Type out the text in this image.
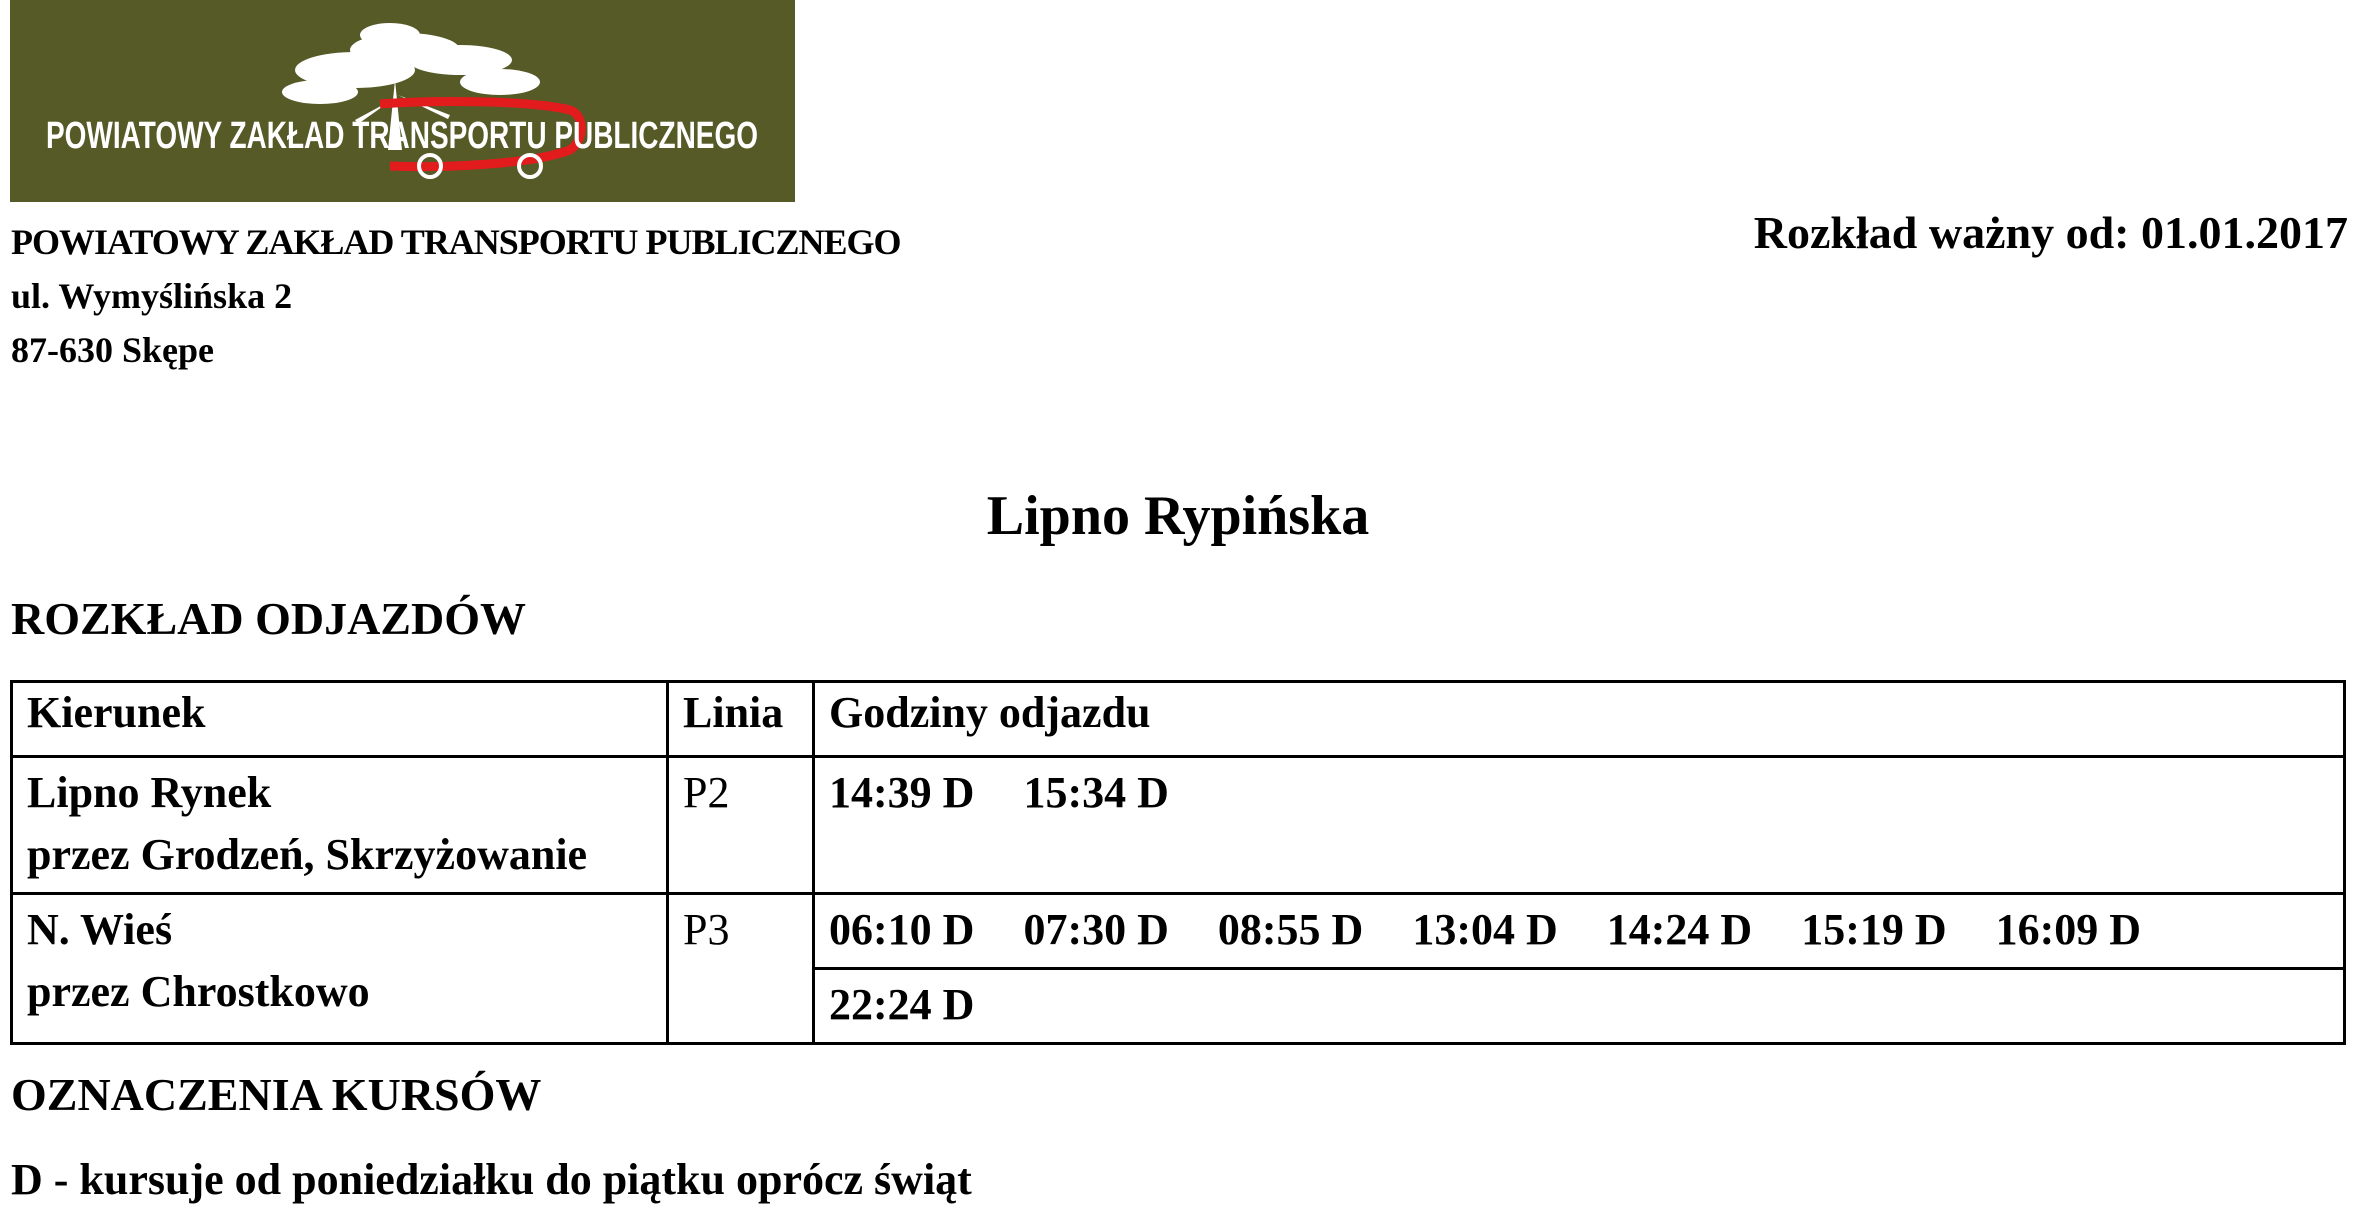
POWIATOWY ZAKŁAD TRANSPORTU PUBLICZNEGO
POWIATOWY ZAKŁAD TRANSPORTU PUBLICZNEGO
ul. Wymyślińska 2
87-630 Skępe
Rozkład ważny od: 01.01.2017
Lipno Rypińska
ROZKŁAD ODJAZDÓW
Kierunek	Linia	Godziny odjazdu

Lipno Rynek
przez Grodzeń, Skrzyżowanie	P2	14:39 D 15:34 D

N. Wieś
przez Chrostkowo	P3	06:10 D 07:30 D 08:55 D 13:04 D 14:24 D 15:19 D 16:09 D
		22:24 D
OZNACZENIA KURSÓW
D - kursuje od poniedziałku do piątku oprócz świąt
